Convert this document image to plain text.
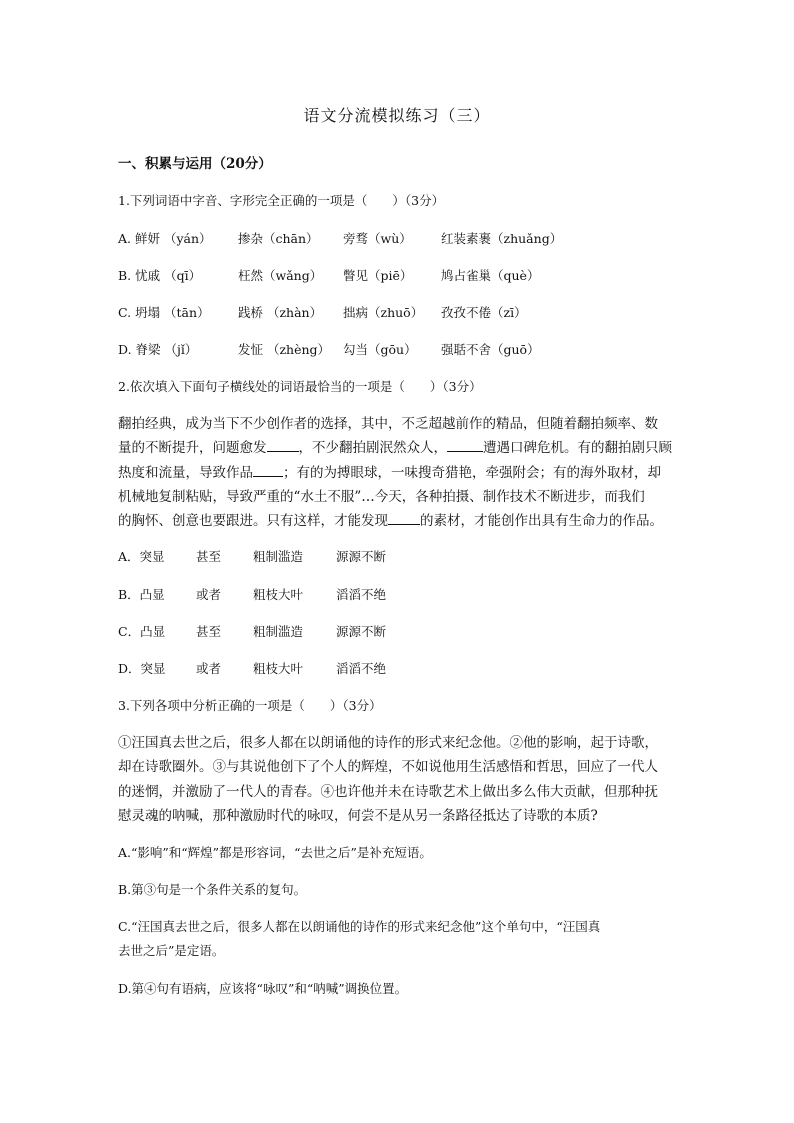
语文分流模拟练习（三）
一、积累与运用（20分）
1.下列词语中字音、字形完全正确的一项是（　　）（3分）
A. 鲜妍 （yán） 掺杂（chān） 旁骛（wù） 红装素裹（zhuǎng）
B. 忧戚 （qī）	枉然（wǎng） 瞥见（piē） 鸠占雀巢（què）
C. 坍塌 （tān） 践桥 （zhàn） 拙病（zhuō） 孜孜不倦（zī）
D. 脊梁 （jǐ）	发怔 （zhèng） 勾当（gōu） 强聒不舍（guō）
2.依次填入下面句子横线处的词语最恰当的一项是（　　）（3分）
翻拍经典，成为当下不少创作者的选择，其中，不乏超越前作的精品，但随着翻拍频率、数
量的不断提升，问题愈发 ，不少翻拍剧泯然众人，	遭遇口碑危机。有的翻拍剧只顾
热度和流量，导致作品 ；有的为搏眼球，一味搜奇猎艳，牵强附会；有的海外取材，却
机械地复制粘贴，导致严重的“水土不服”…今天，各种拍摄、制作技术不断进步，而我们
的胸怀、创意也要跟进。只有这样，才能发现 的素材，才能创作出具有生命力的作品。
A．突显	甚至	粗制滥造	源源不断
B．凸显	或者	粗枝大叶	滔滔不绝
C．凸显 甚至	粗制滥造	源源不断
D．突显 或者	粗枝大叶	滔滔不绝
3.下列各项中分析正确的一项是（　　）（3分）
①汪国真去世之后，很多人都在以朗诵他的诗作的形式来纪念他。②他的影响，起于诗歌，
却在诗歌圈外。③与其说他创下了个人的辉煌，不如说他用生活感悟和哲思，回应了一代人
的迷惘，并激励了一代人的青春。④也许他并未在诗歌艺术上做出多么伟大贡献，但那种抚
慰灵魂的呐喊，那种激励时代的咏叹，何尝不是从另一条路径抵达了诗歌的本质?
A.“影响”和“辉煌”都是形容词，“去世之后”是补充短语。
B.第③句是一个条件关系的复句。
C.“汪国真去世之后，很多人都在以朗诵他的诗作的形式来纪念他”这个单句中，“汪国真
去世之后”是定语。
D.第④句有语病，应该将“咏叹”和“呐喊”调换位置。
